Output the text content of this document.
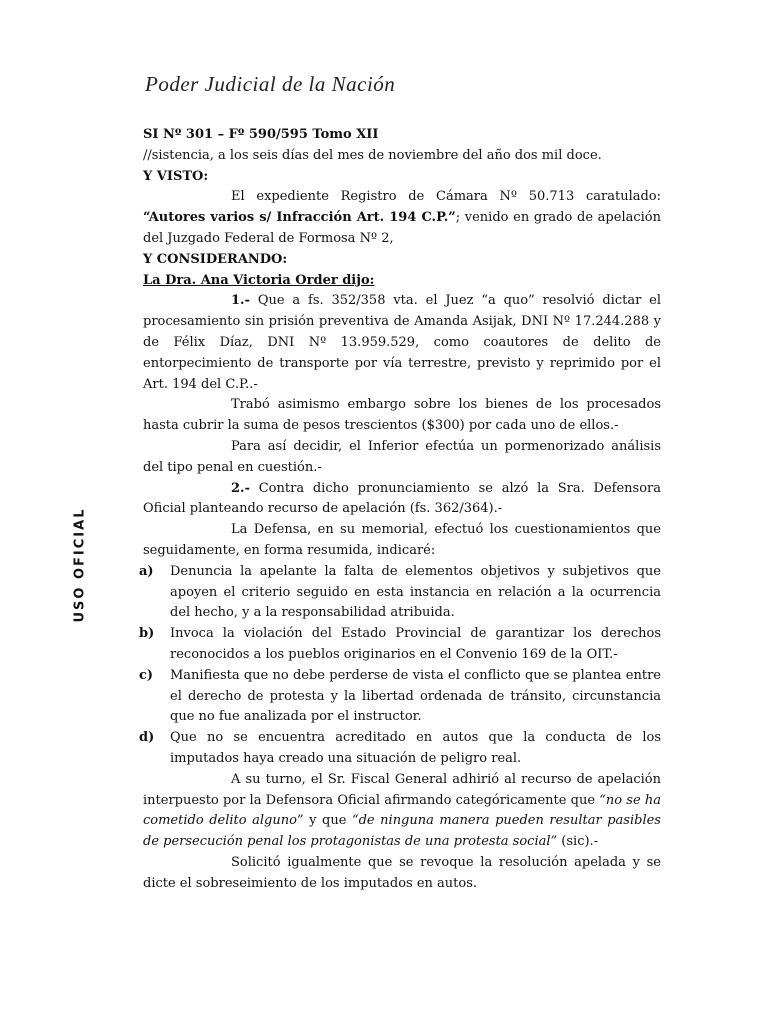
Poder Judicial de la Nación
USO OFICIAL

SI Nº 301 – Fº 590/595 Tomo XII

//sistencia, a los seis días del mes de noviembre del año dos mil doce.

Y VISTO:

El expediente Registro de Cámara Nº 50.713 caratulado: “Autores varios s/ Infracción Art. 194 C.P.”; venido en grado de apelación del Juzgado Federal de Formosa Nº 2,

Y CONSIDERANDO:

La Dra. Ana Victoria Order dijo:

1.- Que a fs. 352/358 vta. el Juez “a quo” resolvió dictar el procesamiento sin prisión preventiva de Amanda Asijak, DNI Nº 17.244.288 y de Félix Díaz, DNI Nº 13.959.529, como coautores de delito de entorpecimiento de transporte por vía terrestre, previsto y reprimido por el Art. 194 del C.P..-

Trabó asimismo embargo sobre los bienes de los procesados hasta cubrir la suma de pesos trescientos ($300) por cada uno de ellos.-

Para así decidir, el Inferior efectúa un pormenorizado análisis del tipo penal en cuestión.-

2.- Contra dicho pronunciamiento se alzó la Sra. Defensora Oficial planteando recurso de apelación (fs. 362/364).-

La Defensa, en su memorial, efectuó los cuestionamientos que seguidamente, en forma resumida, indicaré:

a) Denuncia la apelante la falta de elementos objetivos y subjetivos que apoyen el criterio seguido en esta instancia en relación a la ocurrencia del hecho, y a la responsabilidad atribuida.
b) Invoca la violación del Estado Provincial de garantizar los derechos reconocidos a los pueblos originarios en el Convenio 169 de la OIT.-
c) Manifiesta que no debe perderse de vista el conflicto que se plantea entre el derecho de protesta y la libertad ordenada de tránsito, circunstancia que no fue analizada por el instructor.
d) Que no se encuentra acreditado en autos que la conducta de los imputados haya creado una situación de peligro real.

A su turno, el Sr. Fiscal General adhirió al recurso de apelación interpuesto por la Defensora Oficial afirmando categóricamente que “no se ha cometido delito alguno” y que “de ninguna manera pueden resultar pasibles de persecución penal los protagonistas de una protesta social” (sic).-

Solicitó igualmente que se revoque la resolución apelada y se dicte el sobreseimiento de los imputados en autos.
